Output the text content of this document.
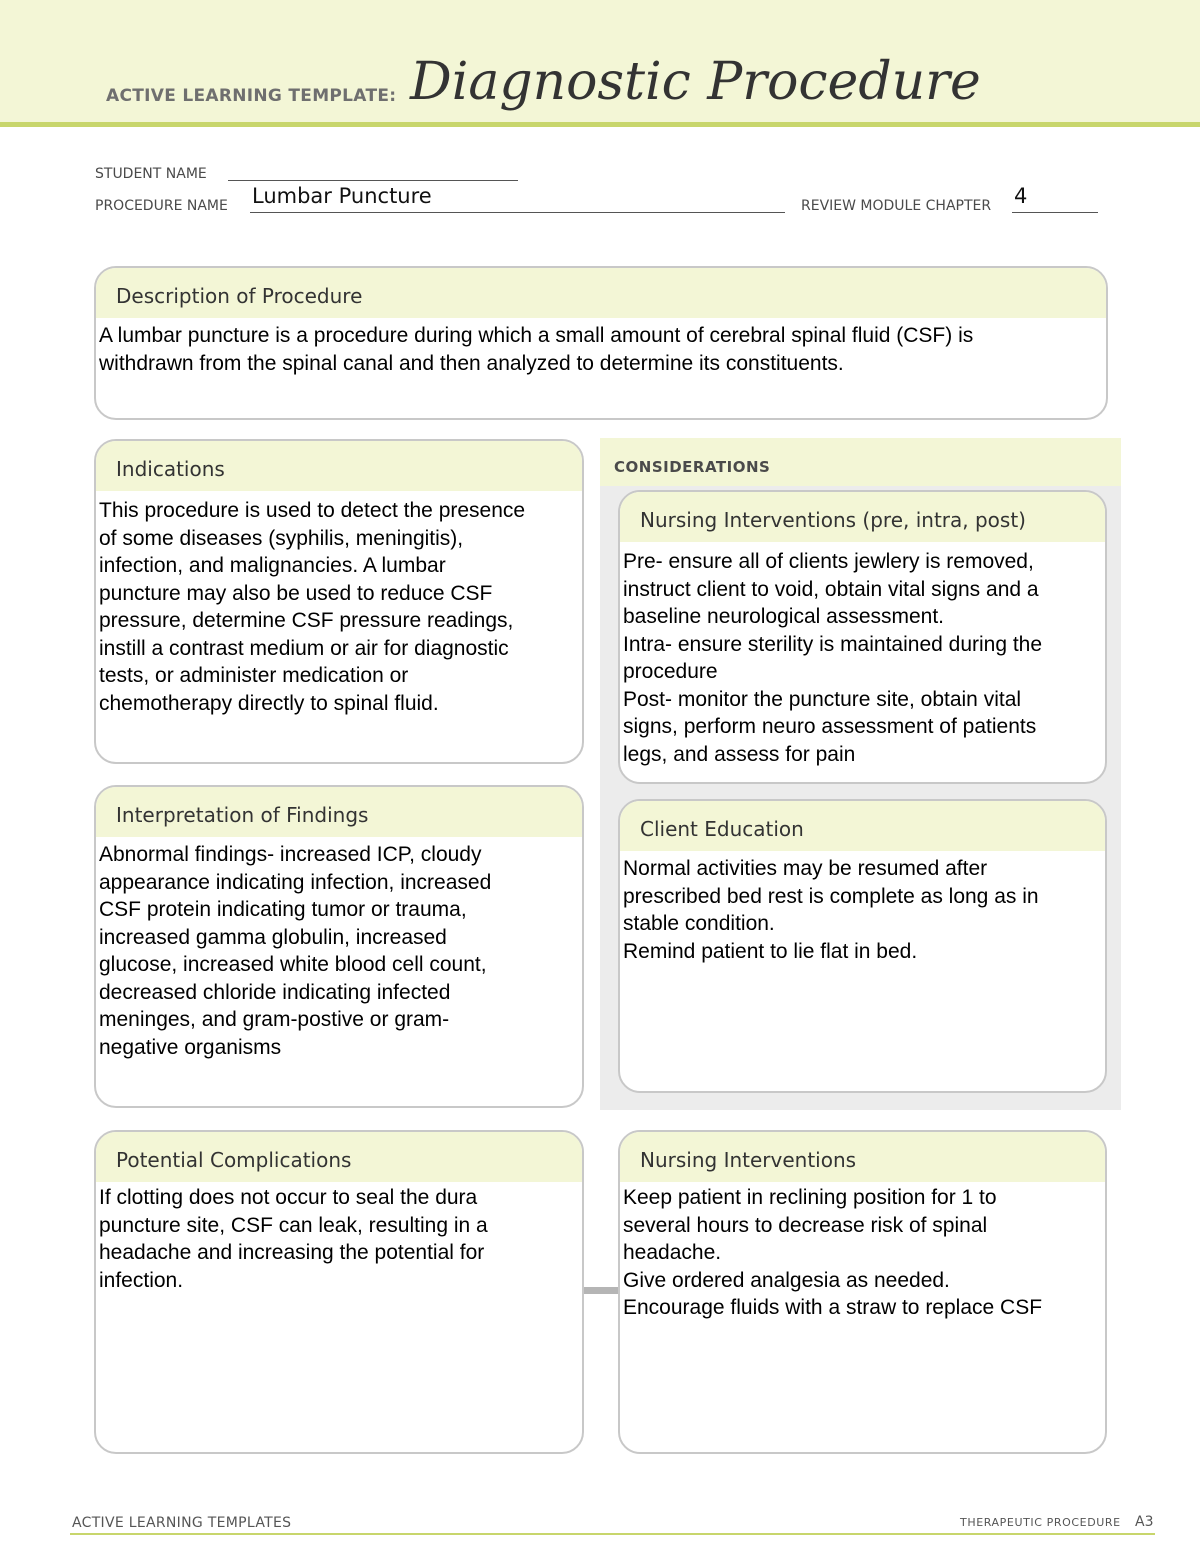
ACTIVE LEARNING TEMPLATE: Diagnostic Procedure
STUDENT NAME
PROCEDURE NAME Lumbar Puncture	REVIEW MODULE CHAPTER 4
Description of Procedure
A lumbar puncture is a procedure during which a small amount of cerebral spinal fluid (CSF) is
withdrawn from the spinal canal and then analyzed to determine its constituents.
CONSIDERATIONS
Indications
This procedure is used to detect the presence
of some diseases (syphilis, meningitis),
infection, and malignancies. A lumbar
puncture may also be used to reduce CSF
pressure, determine CSF pressure readings,
instill a contrast medium or air for diagnostic
tests, or administer medication or
chemotherapy directly to spinal fluid.
Nursing Interventions (pre, intra, post)
Pre- ensure all of clients jewlery is removed,
instruct client to void, obtain vital signs and a
baseline neurological assessment.
Intra- ensure sterility is maintained during the
procedure
Post- monitor the puncture site, obtain vital
signs, perform neuro assessment of patients
legs, and assess for pain
Interpretation of Findings
Abnormal findings- increased ICP, cloudy
appearance indicating infection, increased
CSF protein indicating tumor or trauma,
increased gamma globulin, increased
glucose, increased white blood cell count,
decreased chloride indicating infected
meninges, and gram-postive or gram-
negative organisms
Client Education
Normal activities may be resumed after
prescribed bed rest is complete as long as in
stable condition.
Remind patient to lie flat in bed.
Potential Complications
If clotting does not occur to seal the dura
puncture site, CSF can leak, resulting in a
headache and increasing the potential for
infection.
Nursing Interventions
Keep patient in reclining position for 1 to
several hours to decrease risk of spinal
headache.
Give ordered analgesia as needed.
Encourage fluids with a straw to replace CSF
ACTIVE LEARNING TEMPLATES	THERAPEUTIC PROCEDURE A3
